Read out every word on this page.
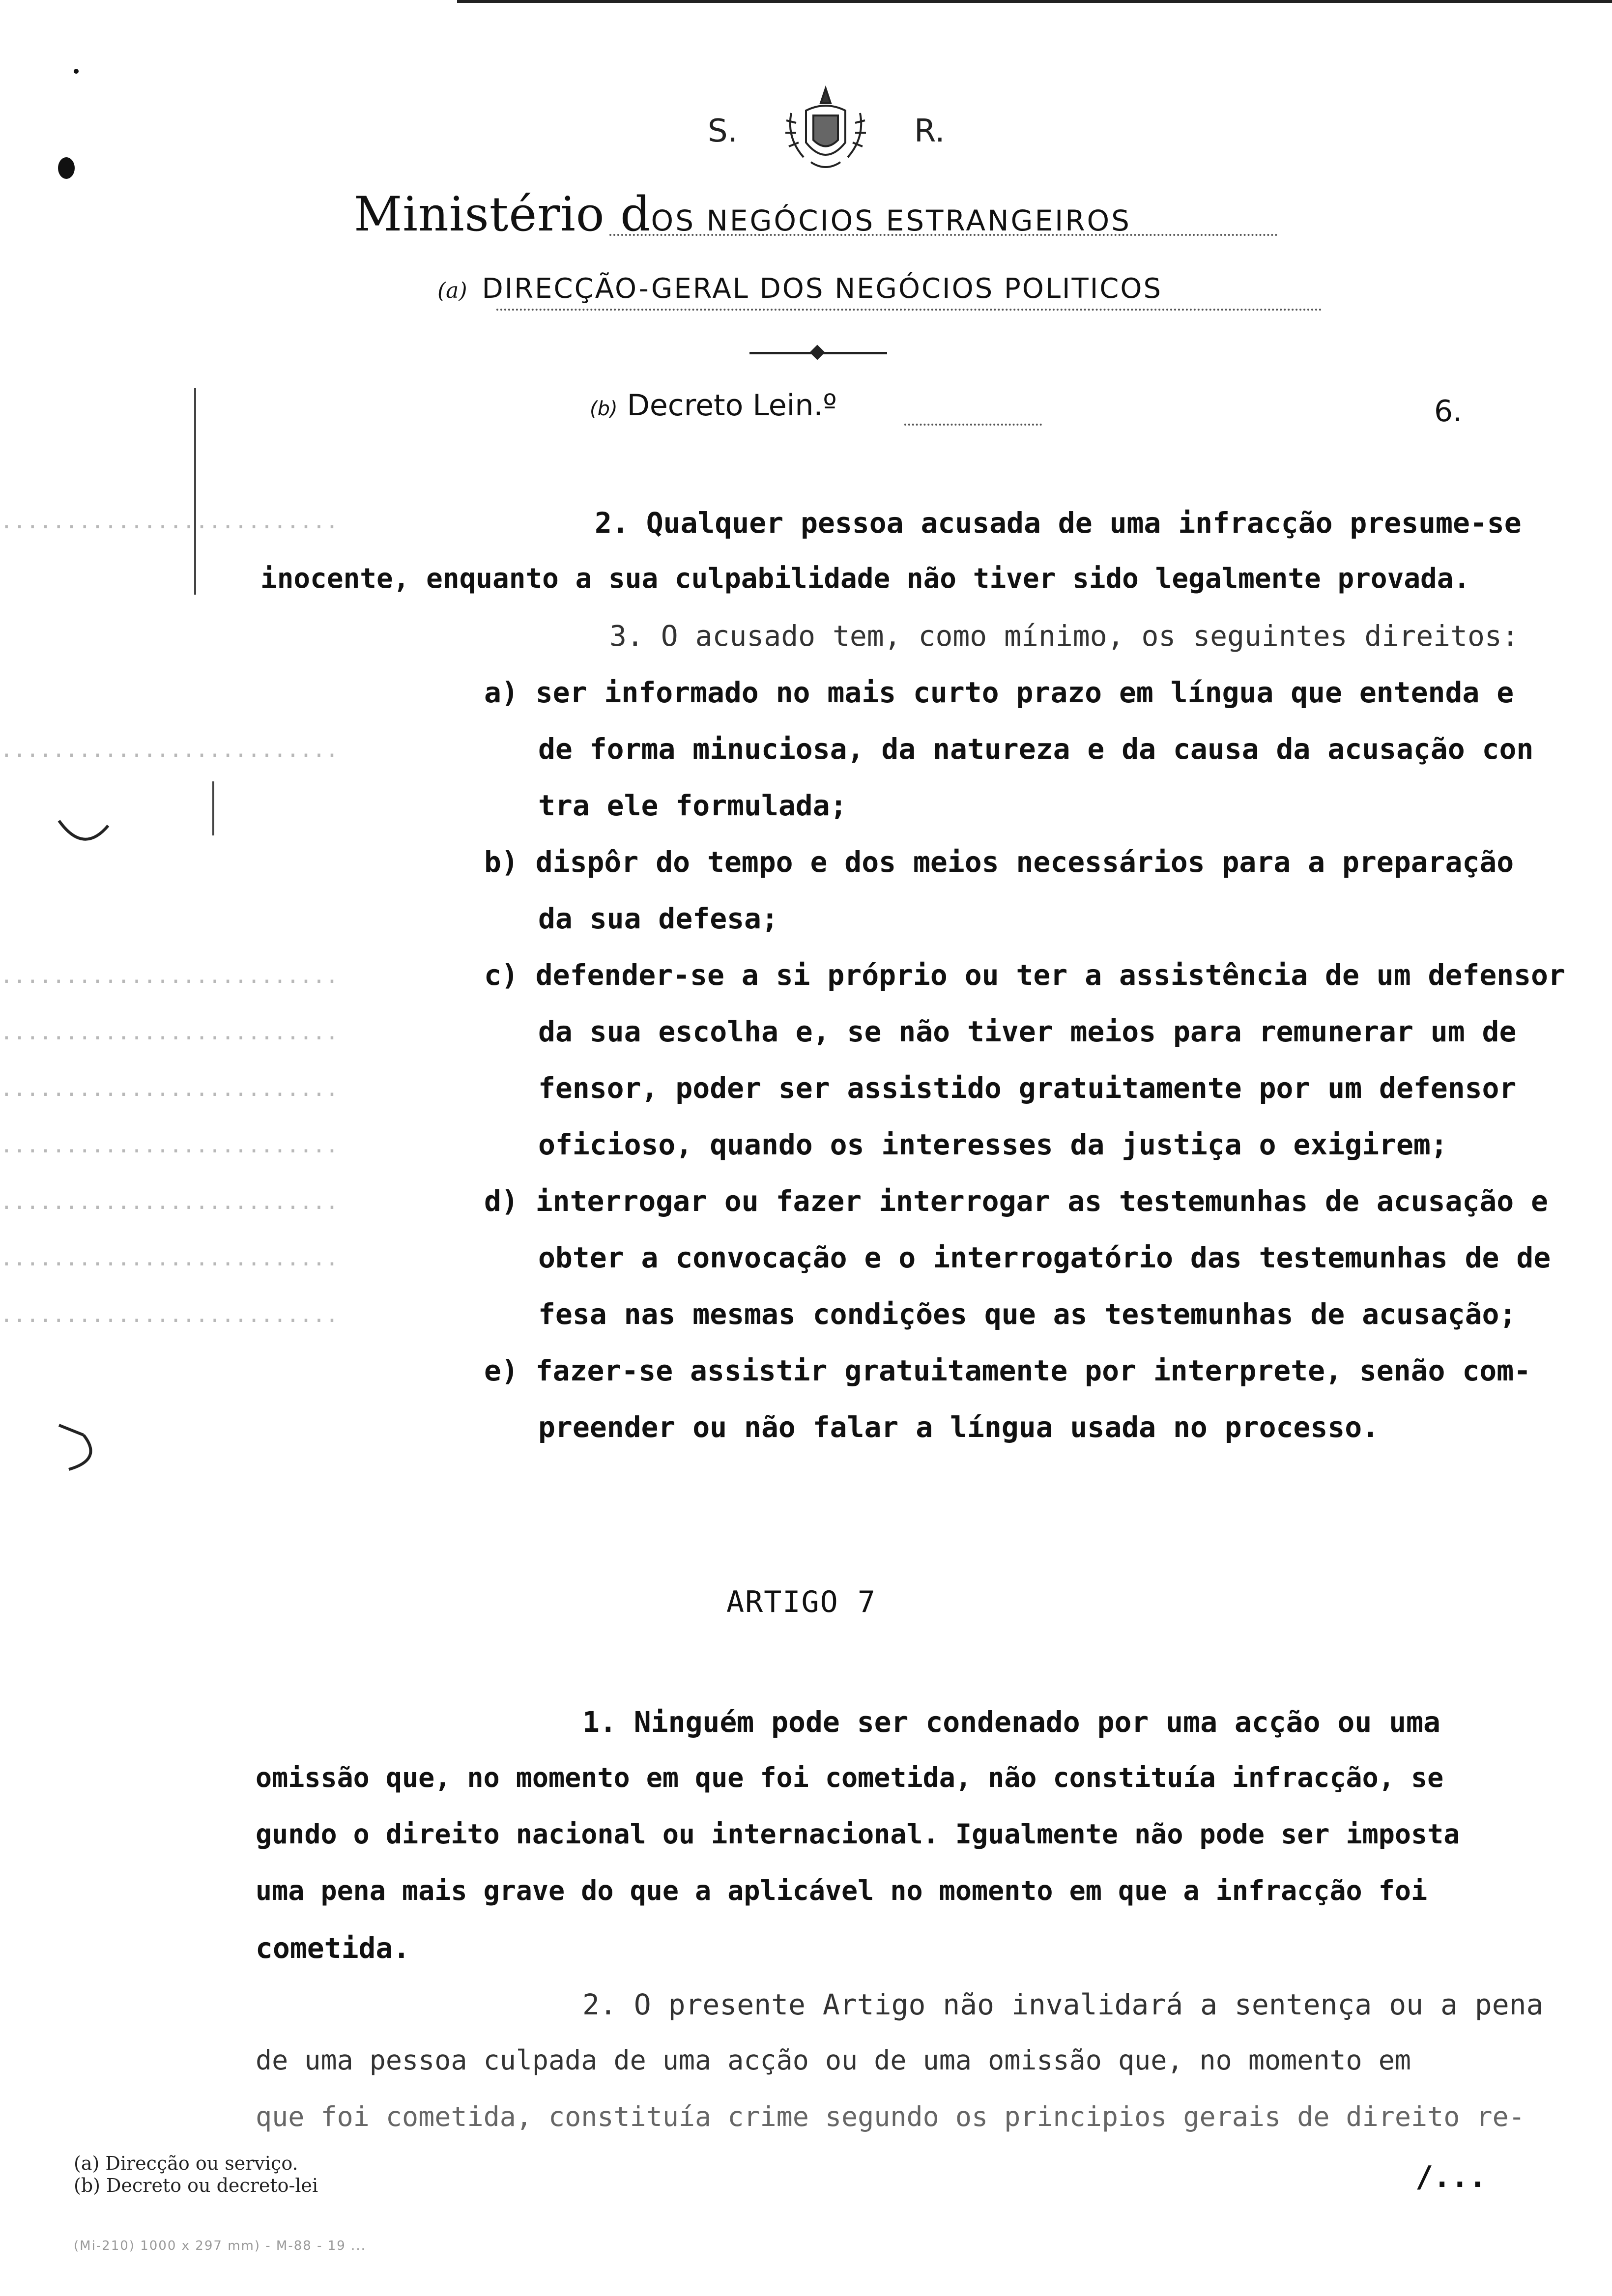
..........................
..........................
..........................
..........................
..........................
..........................
..........................
..........................
..........................
S.	R.
Ministério dOS NEGÓCIOS ESTRANGEIROS
(a) DIRECÇÃO-GERAL DOS NEGÓCIOS POLITICOS
(b) Decreto Lein.º	6.
2. Qualquer pessoa acusada de uma infracção presume-se
inocente, enquanto a sua culpabilidade não tiver sido legalmente provada.
3. O acusado tem, como mínimo, os seguintes direitos:
a) ser informado no mais curto prazo em língua que entenda e
de forma minuciosa, da natureza e da causa da acusação con
tra ele formulada;
b) dispôr do tempo e dos meios necessários para a preparação
da sua defesa;
c) defender-se a si próprio ou ter a assistência de um defensor
da sua escolha e, se não tiver meios para remunerar um de
fensor, poder ser assistido gratuitamente por um defensor
oficioso, quando os interesses da justiça o exigirem;
d) interrogar ou fazer interrogar as testemunhas de acusação e
obter a convocação e o interrogatório das testemunhas de de
fesa nas mesmas condições que as testemunhas de acusação;
e) fazer-se assistir gratuitamente por interprete, senão com-
preender ou não falar a língua usada no processo.
ARTIGO 7
1. Ninguém pode ser condenado por uma acção ou uma
omissão que, no momento em que foi cometida, não constituía infracção, se
gundo o direito nacional ou internacional. Igualmente não pode ser imposta
uma pena mais grave do que a aplicável no momento em que a infracção foi
cometida.
2. O presente Artigo não invalidará a sentença ou a pena
de uma pessoa culpada de uma acção ou de uma omissão que, no momento em
que foi cometida, constituía crime segundo os principios gerais de direito re-
(a) Direcção ou serviço.
(b) Decreto ou decreto-lei	/...
(Mi-210) 1000 x 297 mm) - M-88 - 19 ...
